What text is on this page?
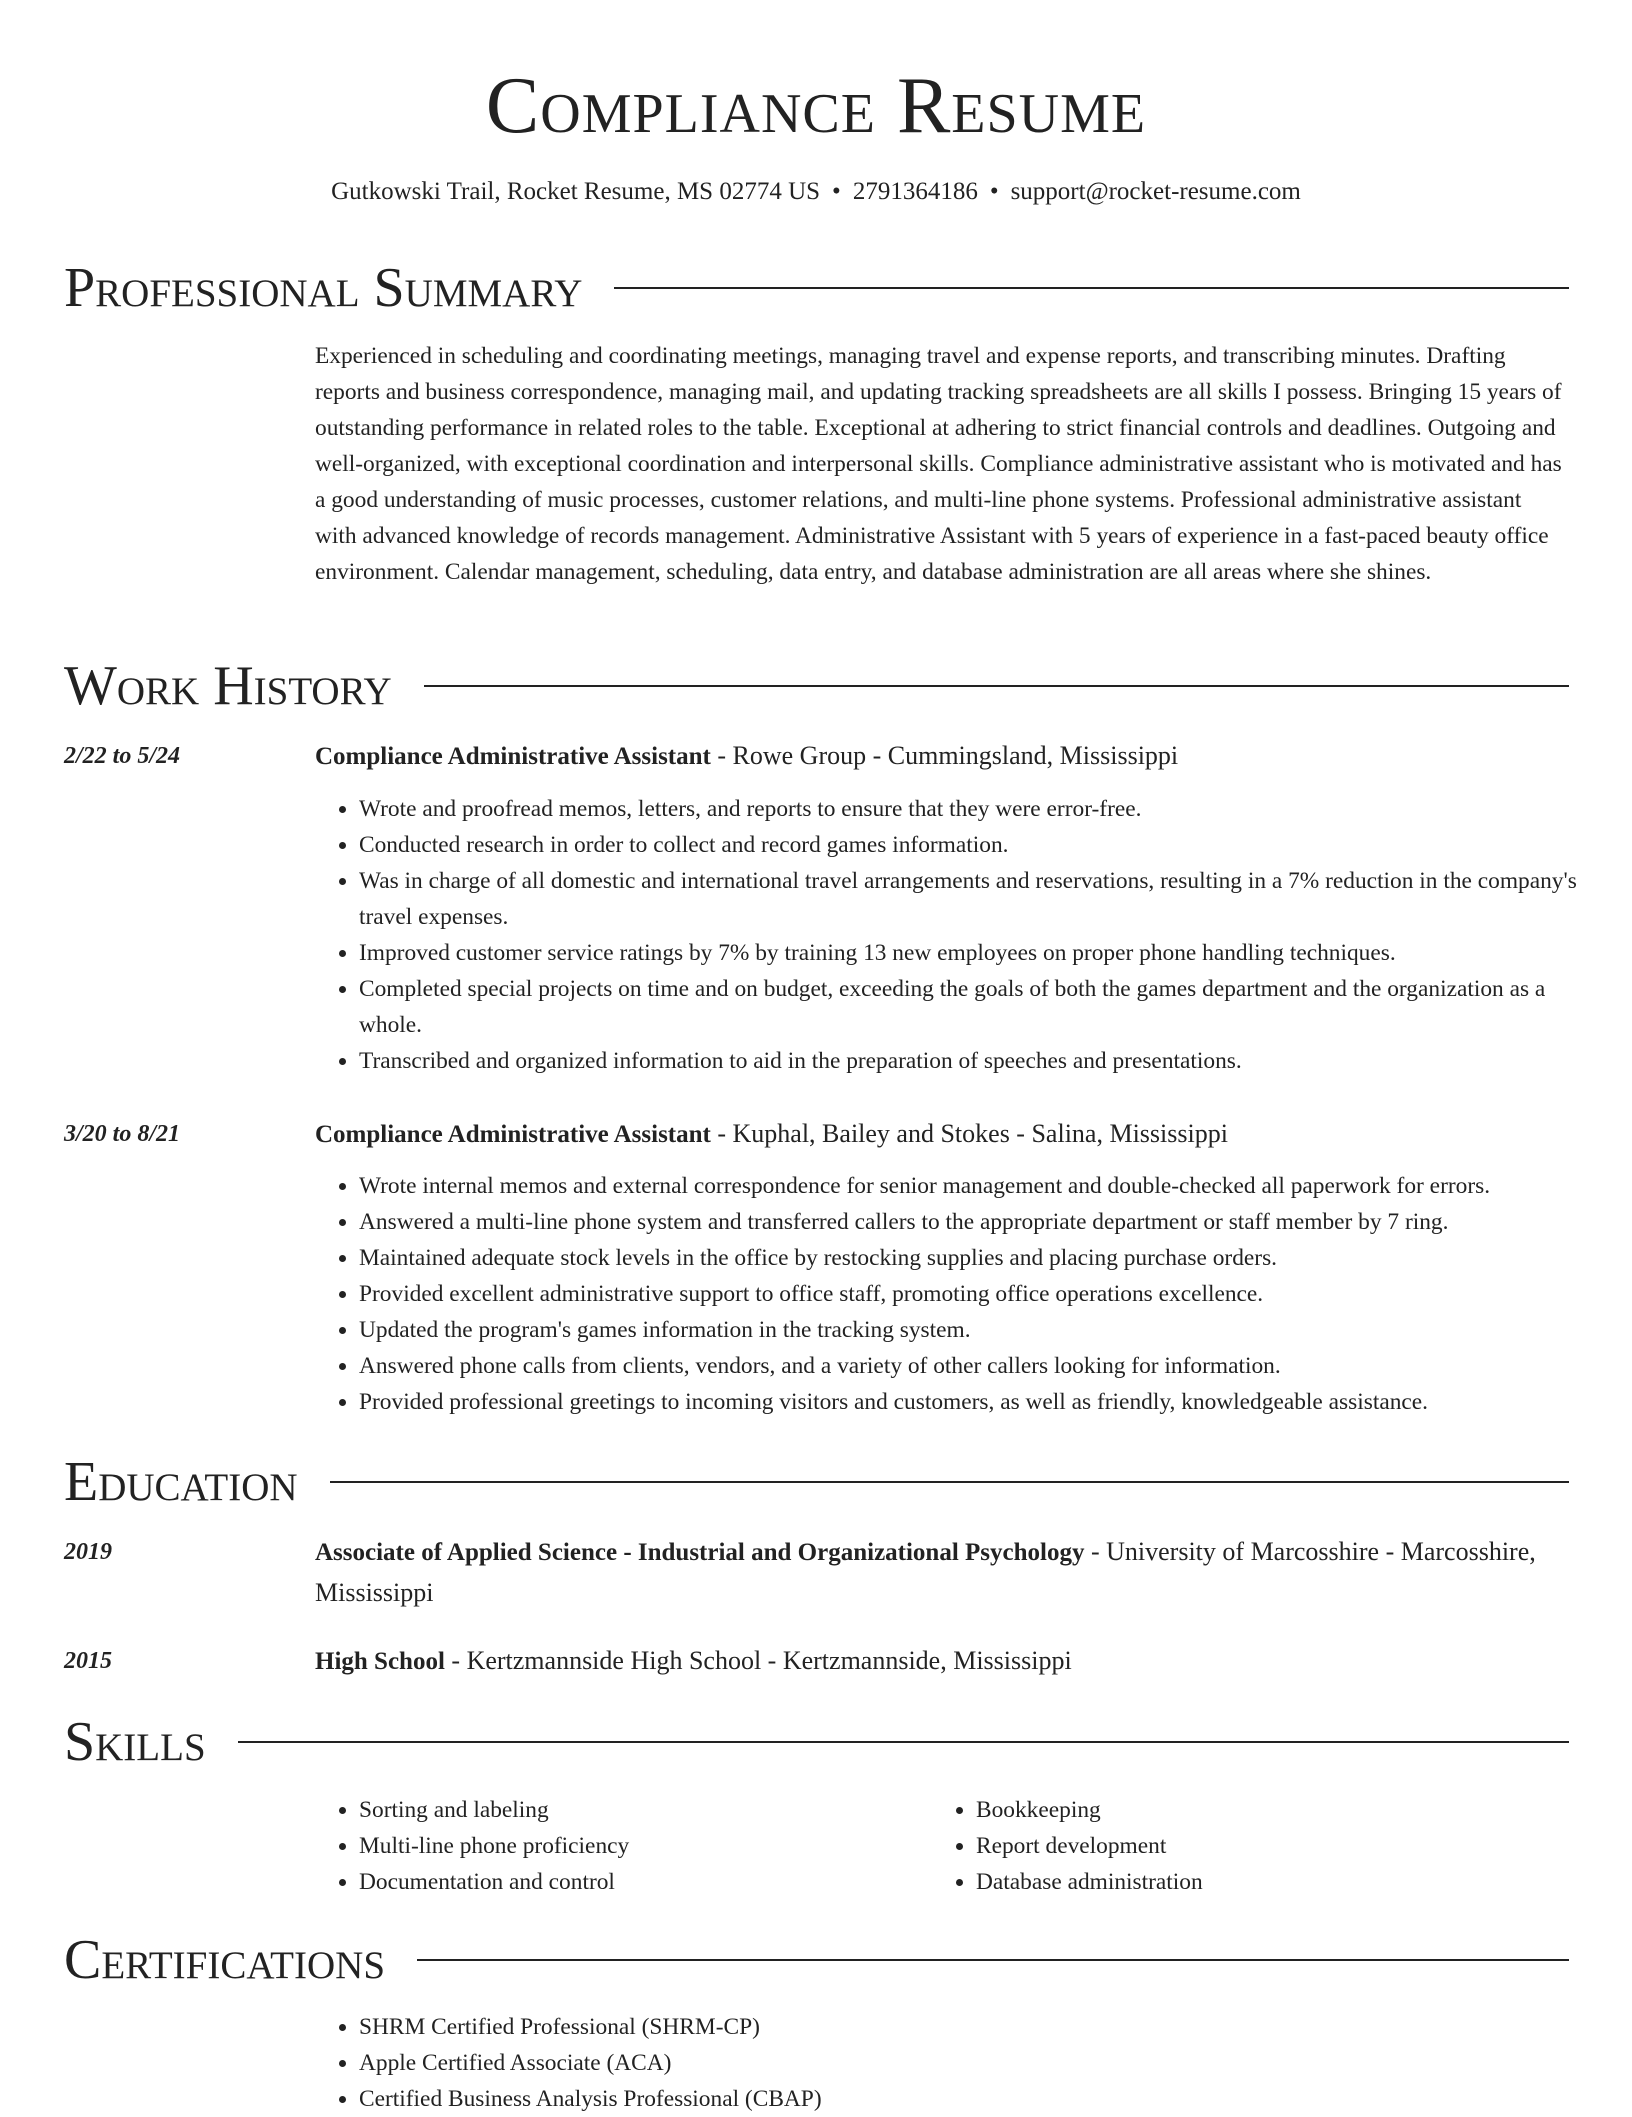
Compliance Resume
Gutkowski Trail, Rocket Resume, MS 02774 US • 2791364186 • support@rocket-resume.com
Professional Summary

Experienced in scheduling and coordinating meetings, managing travel and expense reports, and transcribing minutes. Drafting reports and business correspondence, managing mail, and updating tracking spreadsheets are all skills I possess. Bringing 15 years of outstanding performance in related roles to the table. Exceptional at adhering to strict financial controls and deadlines. Outgoing and well-organized, with exceptional coordination and interpersonal skills. Compliance administrative assistant who is motivated and has a good understanding of music processes, customer relations, and multi-line phone systems. Professional administrative assistant with advanced knowledge of records management. Administrative Assistant with 5 years of experience in a fast-paced beauty office environment. Calendar management, scheduling, data entry, and database administration are all areas where she shines.

Work History
2/22 to 5/24	Compliance Administrative Assistant - Rowe Group - Cummingsland, Mississippi
• Wrote and proofread memos, letters, and reports to ensure that they were error-free.
• Conducted research in order to collect and record games information.
• Was in charge of all domestic and international travel arrangements and reservations, resulting in a 7% reduction in the company's travel expenses.
• Improved customer service ratings by 7% by training 13 new employees on proper phone handling techniques.
• Completed special projects on time and on budget, exceeding the goals of both the games department and the organization as a whole.
• Transcribed and organized information to aid in the preparation of speeches and presentations.
3/20 to 8/21	Compliance Administrative Assistant - Kuphal, Bailey and Stokes - Salina, Mississippi
• Wrote internal memos and external correspondence for senior management and double-checked all paperwork for errors.
• Answered a multi-line phone system and transferred callers to the appropriate department or staff member by 7 ring.
• Maintained adequate stock levels in the office by restocking supplies and placing purchase orders.
• Provided excellent administrative support to office staff, promoting office operations excellence.
• Updated the program's games information in the tracking system.
• Answered phone calls from clients, vendors, and a variety of other callers looking for information.
• Provided professional greetings to incoming visitors and customers, as well as friendly, knowledgeable assistance.
Education
2019	Associate of Applied Science - Industrial and Organizational Psychology - University of Marcosshire - Marcosshire, Mississippi
2015	High School - Kertzmannside High School - Kertzmannside, Mississippi
Skills
• Sorting and labeling
• Multi-line phone proficiency
• Documentation and control
• Bookkeeping
• Report development
• Database administration
Certifications
• SHRM Certified Professional (SHRM-CP)
• Apple Certified Associate (ACA)
• Certified Business Analysis Professional (CBAP)
